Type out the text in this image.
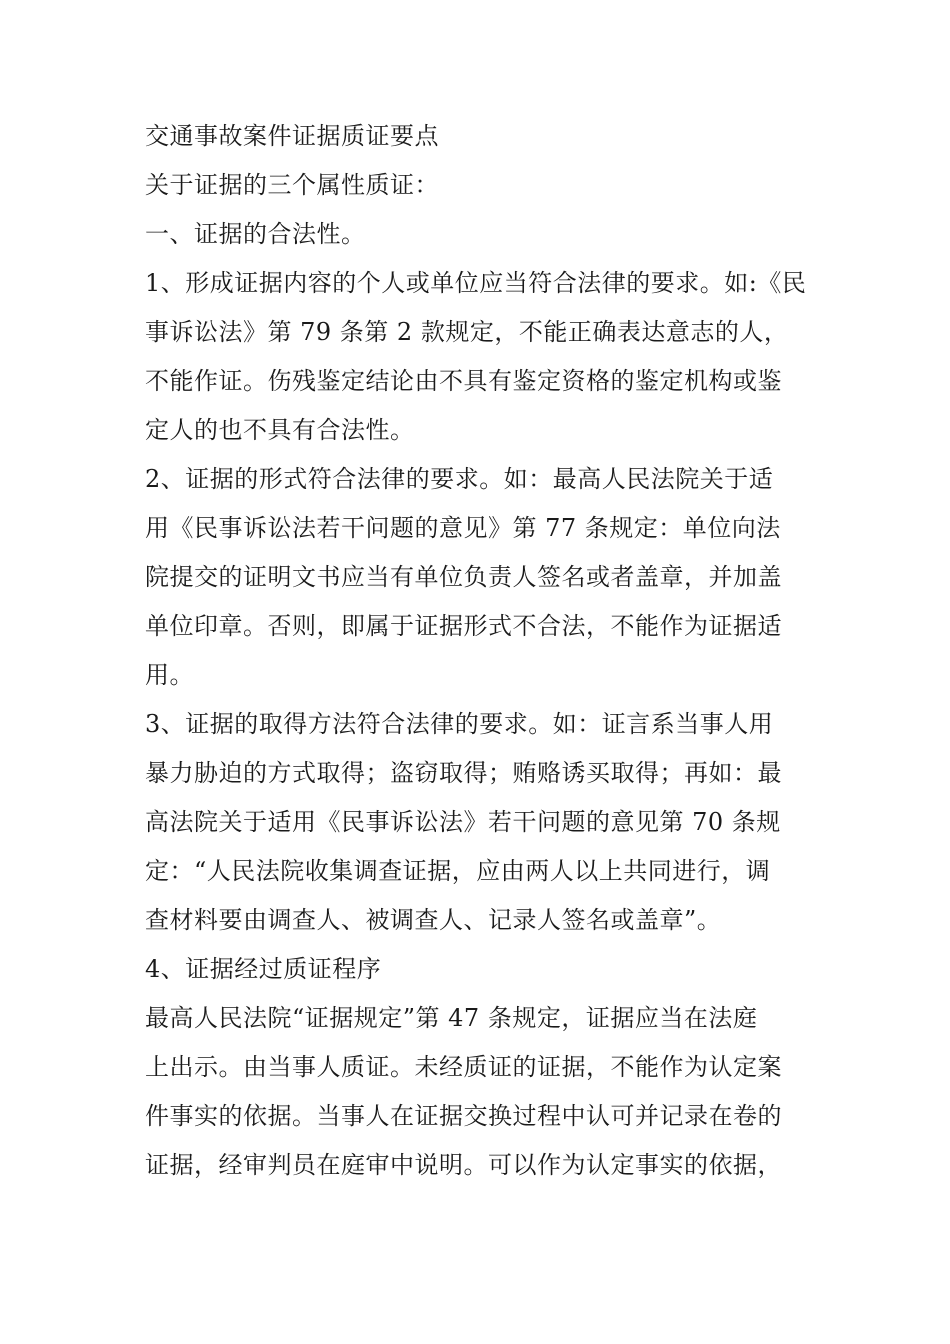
交通事故案件证据质证要点
关于证据的三个属性质证：
一、证据的合法性。
1、形成证据内容的个人或单位应当符合法律的要求。如:《民
事诉讼法》第 79 条第 2 款规定，不能正确表达意志的人，
不能作证。伤残鉴定结论由不具有鉴定资格的鉴定机构或鉴
定人的也不具有合法性。
2、证据的形式符合法律的要求。如：最高人民法院关于适
用《民事诉讼法若干问题的意见》第 77 条规定：单位向法
院提交的证明文书应当有单位负责人签名或者盖章，并加盖
单位印章。否则，即属于证据形式不合法，不能作为证据适
用。
3、证据的取得方法符合法律的要求。如：证言系当事人用
暴力胁迫的方式取得；盗窃取得；贿赂诱买取得；再如：最
高法院关于适用《民事诉讼法》若干问题的意见第 70 条规
定：“人民法院收集调查证据，应由两人以上共同进行，调
查材料要由调查人、被调查人、记录人签名或盖章”。
4、证据经过质证程序
最高人民法院“证据规定”第 47 条规定，证据应当在法庭
上出示。由当事人质证。未经质证的证据，不能作为认定案
件事实的依据。当事人在证据交换过程中认可并记录在卷的
证据，经审判员在庭审中说明。可以作为认定事实的依据，
